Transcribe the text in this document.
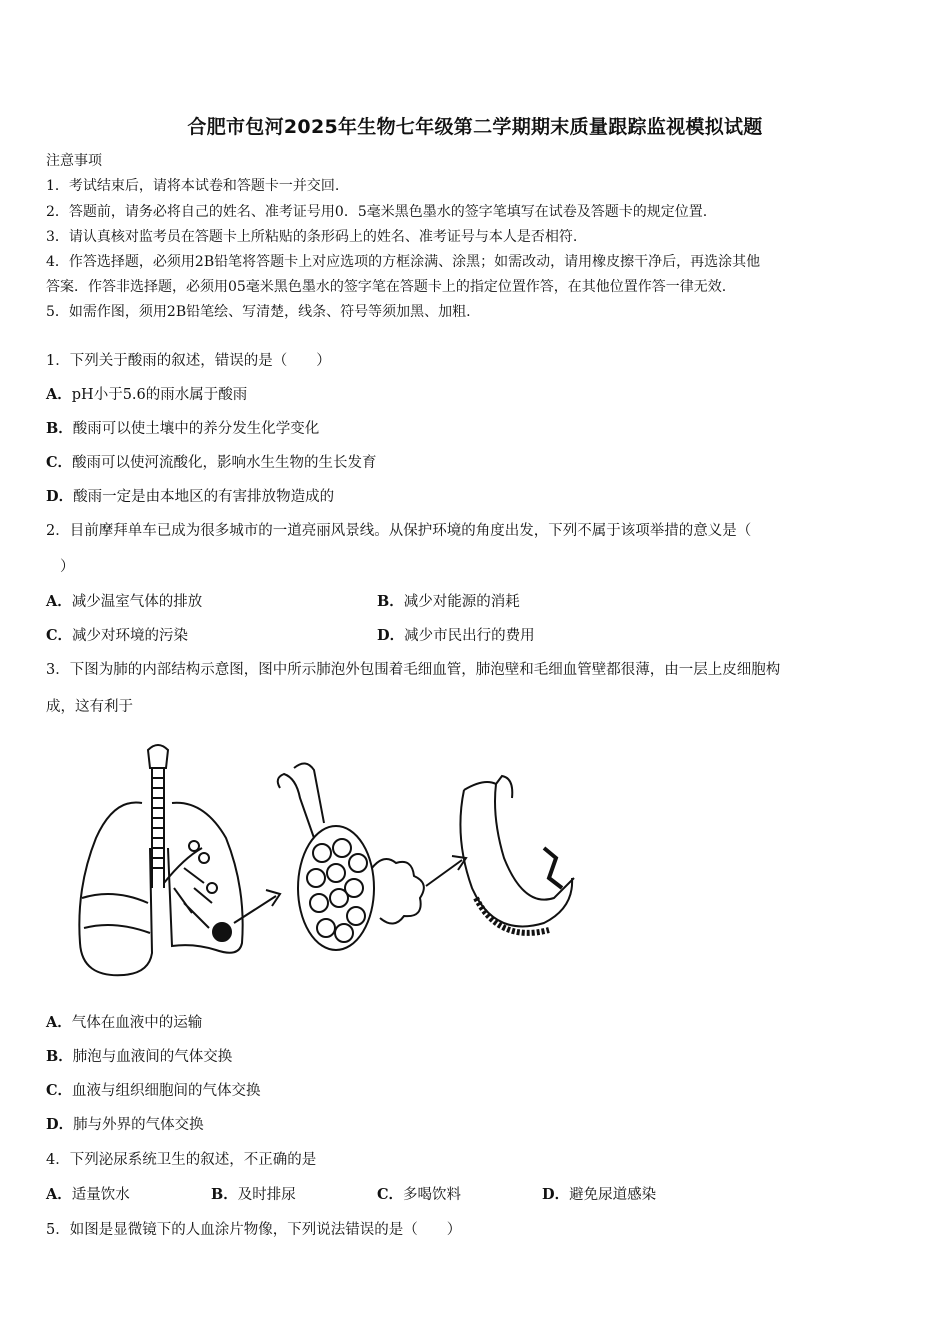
合肥市包河2025年生物七年级第二学期期末质量跟踪监视模拟试题
注意事项
1．考试结束后，请将本试卷和答题卡一并交回.
2．答题前，请务必将自己的姓名、准考证号用0．5毫米黑色墨水的签字笔填写在试卷及答题卡的规定位置.
3．请认真核对监考员在答题卡上所粘贴的条形码上的姓名、准考证号与本人是否相符.
4．作答选择题，必须用2B铅笔将答题卡上对应选项的方框涂满、涂黑；如需改动，请用橡皮擦干净后，再选涂其他
答案．作答非选择题，必须用05毫米黑色墨水的签字笔在答题卡上的指定位置作答，在其他位置作答一律无效.
5．如需作图，须用2B铅笔绘、写清楚，线条、符号等须加黑、加粗.
1．下列关于酸雨的叙述，错误的是（　　）
A．pH小于5.6的雨水属于酸雨
B．酸雨可以使土壤中的养分发生化学变化
C．酸雨可以使河流酸化，影响水生生物的生长发育
D．酸雨一定是由本地区的有害排放物造成的
2．目前摩拜单车已成为很多城市的一道亮丽风景线。从保护环境的角度出发，下列不属于该项举措的意义是（
）
A．减少温室气体的排放	B．减少对能源的消耗
C．减少对环境的污染	D．减少市民出行的费用
3．下图为肺的内部结构示意图，图中所示肺泡外包围着毛细血管，肺泡壁和毛细血管壁都很薄，由一层上皮细胞构
成，这有利于
A．气体在血液中的运输
B．肺泡与血液间的气体交换
C．血液与组织细胞间的气体交换
D．肺与外界的气体交换
4．下列泌尿系统卫生的叙述，不正确的是
A．适量饮水	B．及时排尿	C．多喝饮料	D．避免尿道感染
5．如图是显微镜下的人血涂片物像，下列说法错误的是（　　）
